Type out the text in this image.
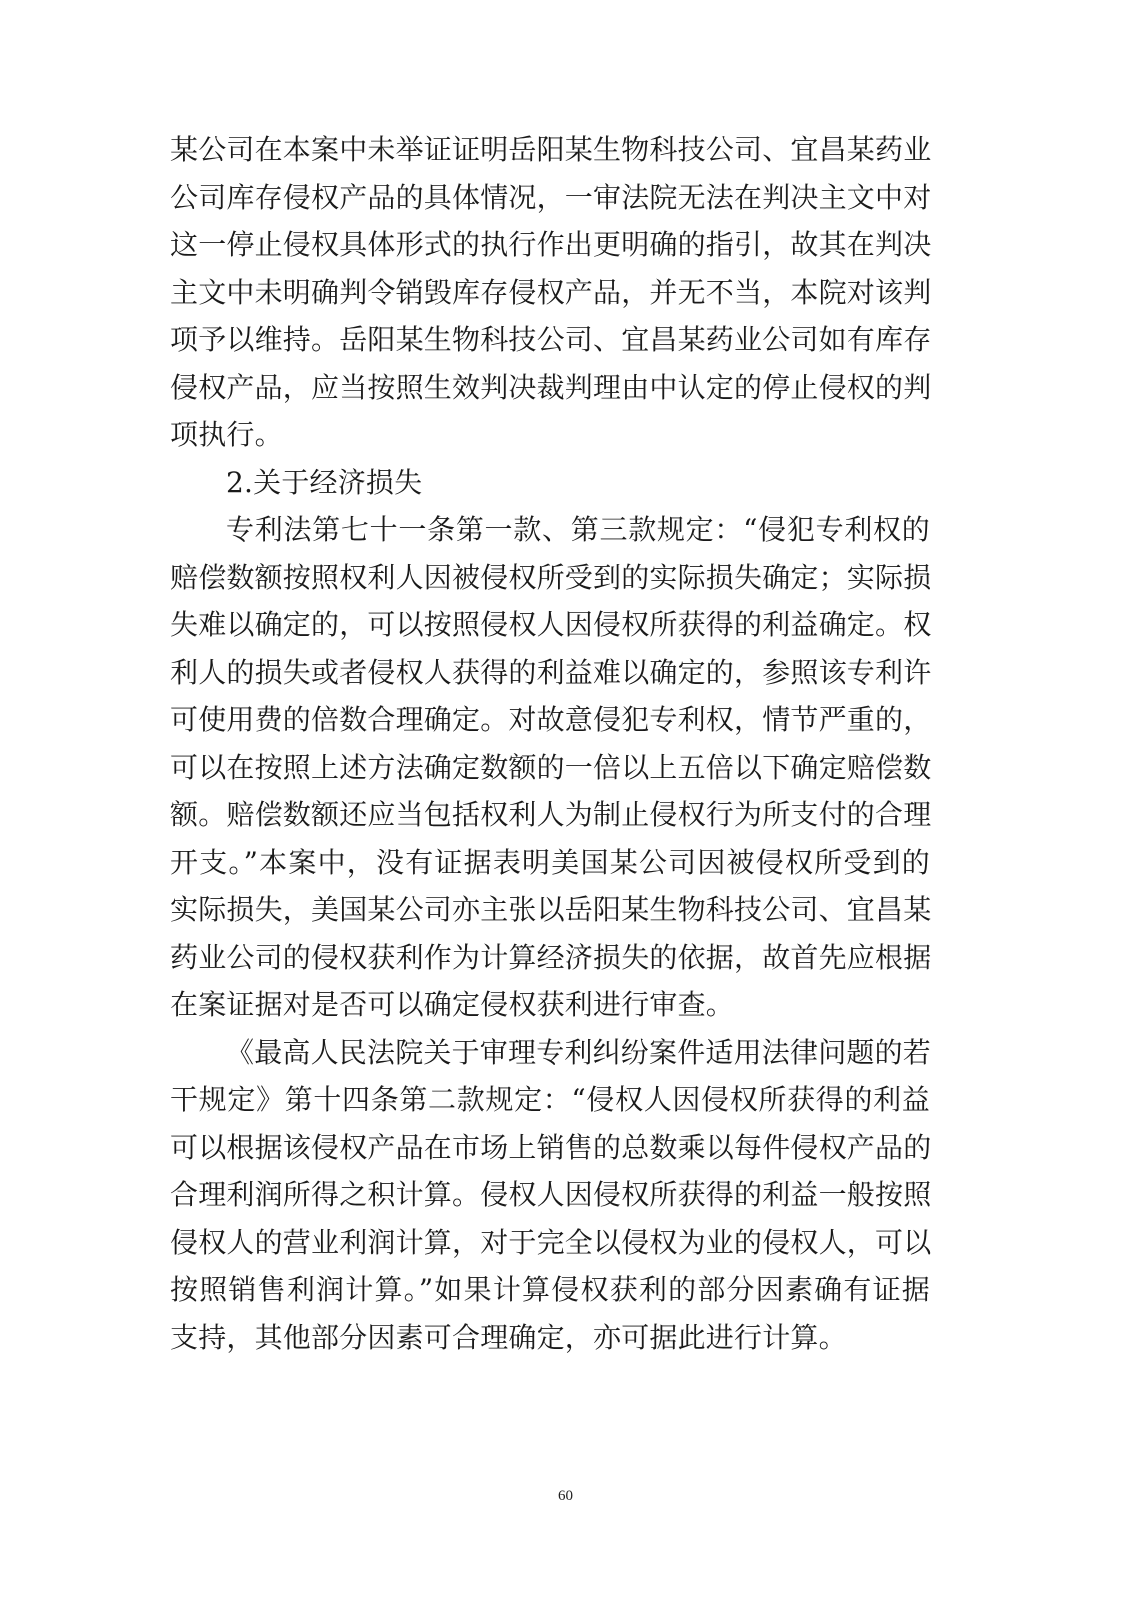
某公司在本案中未举证证明岳阳某生物科技公司、宜昌某药业
公司库存侵权产品的具体情况，一审法院无法在判决主文中对
这一停止侵权具体形式的执行作出更明确的指引，故其在判决
主文中未明确判令销毁库存侵权产品，并无不当，本院对该判
项予以维持。岳阳某生物科技公司、宜昌某药业公司如有库存
侵权产品，应当按照生效判决裁判理由中认定的停止侵权的判
项执行。
2.关于经济损失
专利法第七十一条第一款、第三款规定：“侵犯专利权的
赔偿数额按照权利人因被侵权所受到的实际损失确定；实际损
失难以确定的，可以按照侵权人因侵权所获得的利益确定。权
利人的损失或者侵权人获得的利益难以确定的，参照该专利许
可使用费的倍数合理确定。对故意侵犯专利权，情节严重的，
可以在按照上述方法确定数额的一倍以上五倍以下确定赔偿数
额。赔偿数额还应当包括权利人为制止侵权行为所支付的合理
开支。”本案中，没有证据表明美国某公司因被侵权所受到的
实际损失，美国某公司亦主张以岳阳某生物科技公司、宜昌某
药业公司的侵权获利作为计算经济损失的依据，故首先应根据
在案证据对是否可以确定侵权获利进行审查。
《最高人民法院关于审理专利纠纷案件适用法律问题的若
干规定》第十四条第二款规定：“侵权人因侵权所获得的利益
可以根据该侵权产品在市场上销售的总数乘以每件侵权产品的
合理利润所得之积计算。侵权人因侵权所获得的利益一般按照
侵权人的营业利润计算，对于完全以侵权为业的侵权人，可以
按照销售利润计算。”如果计算侵权获利的部分因素确有证据
支持，其他部分因素可合理确定，亦可据此进行计算。
60
